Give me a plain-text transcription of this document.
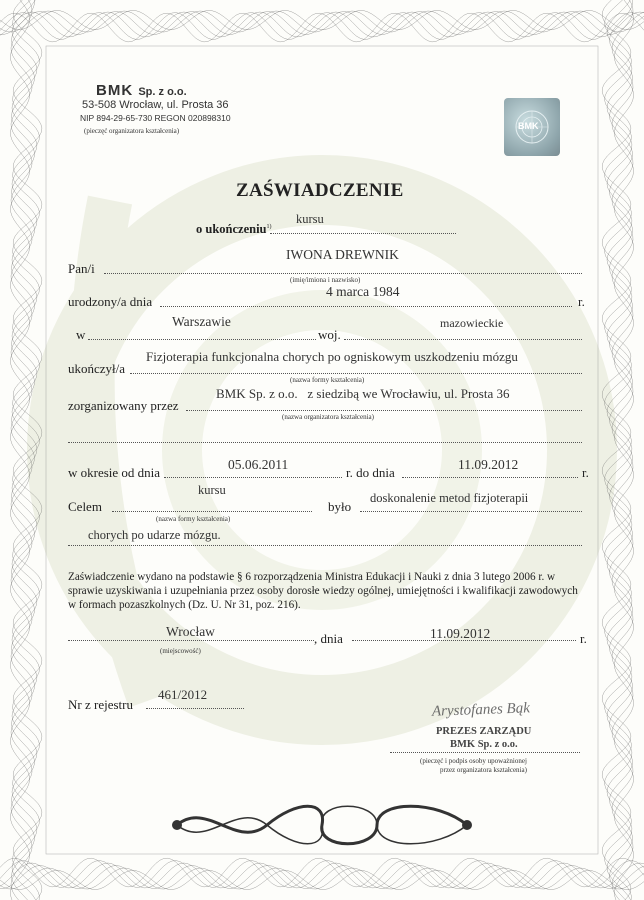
BMK Sp. z o.o.
53-508 Wrocław, ul. Prosta 36
NIP 894-29-65-730 REGON 020898310
(pieczęć organizatora kształcenia)	BMK
ZAŚWIADCZENIE
o ukończeniu$^{1)}$
kursu
Pan/i
IWONA DREWNIK
(imię/imiona i nazwisko)
urodzony/a dnia
4 marca 1984
r.
w
Warszawie
woj.
mazowieckie
ukończył/a
Fizjoterapia funkcjonalna chorych po ogniskowym uszkodzeniu mózgu
(nazwa formy kształcenia)
zorganizowany przez
BMK Sp. z o.o.   z siedzibą we Wrocławiu, ul. Prosta 36
(nazwa organizatora kształcenia)
w okresie od dnia
05.06.2011
r. do dnia
11.09.2012
r.
Celem
kursu
(nazwa formy kształcenia)
było
doskonalenie metod fizjoterapii
chorych po udarze mózgu.
Zaświadczenie wydano na podstawie § 6 rozporządzenia Ministra Edukacji i Nauki z dnia 3 lutego 2006 r. w sprawie uzyskiwania i uzupełniania przez osoby dorosłe wiedzy ogólnej, umiejętności i kwalifikacji zawodowych w formach pozaszkolnych (Dz. U. Nr 31, poz. 216).
Wrocław
(miejscowość)
, dnia	11.09.2012	r.
Nr z rejestru
461/2012
Arystofanes Bąk
PREZES ZARZĄDU
BMK Sp. z o.o.
(pieczęć i podpis osoby upoważnionej
przez organizatora kształcenia)
